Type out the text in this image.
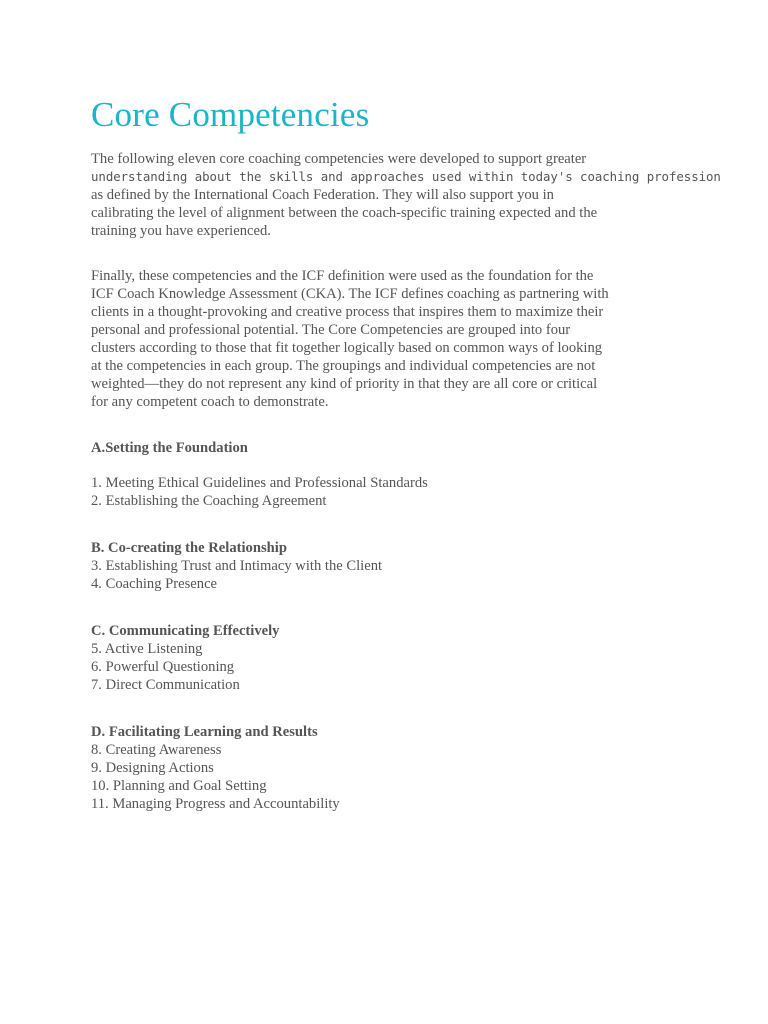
Core Competencies

The following eleven core coaching competencies were developed to support greater
understanding about the skills and approaches used within today's coaching profession
as defined by the International Coach Federation. They will also support you in
calibrating the level of alignment between the coach-specific training expected and the
training you have experienced.

Finally, these competencies and the ICF definition were used as the foundation for the
ICF Coach Knowledge Assessment (CKA). The ICF defines coaching as partnering with
clients in a thought-provoking and creative process that inspires them to maximize their
personal and professional potential. The Core Competencies are grouped into four
clusters according to those that fit together logically based on common ways of looking
at the competencies in each group. The groupings and individual competencies are not
weighted—they do not represent any kind of priority in that they are all core or critical
for any competent coach to demonstrate.

A.Setting the Foundation
1. Meeting Ethical Guidelines and Professional Standards
2. Establishing the Coaching Agreement
B. Co-creating the Relationship
3. Establishing Trust and Intimacy with the Client
4. Coaching Presence
C. Communicating Effectively
5. Active Listening
6. Powerful Questioning
7. Direct Communication
D. Facilitating Learning and Results
8. Creating Awareness
9. Designing Actions
10. Planning and Goal Setting
11. Managing Progress and Accountability
